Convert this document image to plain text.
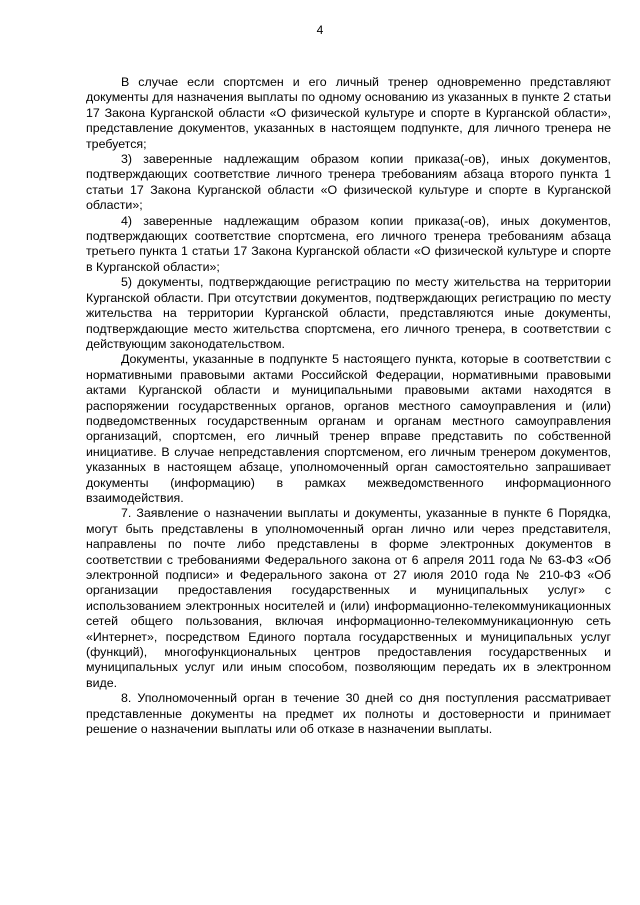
4

В случае если спортсмен и его личный тренер одновременно представляют документы для назначения выплаты по одному основанию из указанных в пункте 2 статьи 17 Закона Курганской области «О физической культуре и спорте в Курганской области», представление документов, указанных в настоящем подпункте, для личного тренера не требуется;

3) заверенные надлежащим образом копии приказа(-ов), иных документов, подтверждающих соответствие личного тренера требованиям абзаца второго пункта 1 статьи 17 Закона Курганской области «О физической культуре и спорте в Курганской области»;

4) заверенные надлежащим образом копии приказа(-ов), иных документов, подтверждающих соответствие спортсмена, его личного тренера требованиям абзаца третьего пункта 1 статьи 17 Закона Курганской области «О физической культуре и спорте в Курганской области»;

5) документы, подтверждающие регистрацию по месту жительства на территории Курганской области. При отсутствии документов, подтверждающих регистрацию по месту жительства на территории Курганской области, представляются иные документы, подтверждающие место жительства спортсмена, его личного тренера, в соответствии с действующим законодательством.

Документы, указанные в подпункте 5 настоящего пункта, которые в соответствии с нормативными правовыми актами Российской Федерации, нормативными правовыми актами Курганской области и муниципальными правовыми актами находятся в распоряжении государственных органов, органов местного самоуправления и (или) подведомственных государственным органам и органам местного самоуправления организаций, спортсмен, его личный тренер вправе представить по собственной инициативе. В случае непредставления спортсменом, его личным тренером документов, указанных в настоящем абзаце, уполномоченный орган самостоятельно запрашивает документы (информацию) в рамках межведомственного информационного взаимодействия.

7. Заявление о назначении выплаты и документы, указанные в пункте 6 Порядка, могут быть представлены в уполномоченный орган лично или через представителя, направлены по почте либо представлены в форме электронных документов в соответствии с требованиями Федерального закона от 6 апреля 2011 года № 63-ФЗ «Об электронной подписи» и Федерального закона от 27 июля 2010 года № 210-ФЗ «Об организации предоставления государственных и муниципальных услуг» с использованием электронных носителей и (или) информационно-телекоммуникационных сетей общего пользования, включая информационно-телекоммуникационную сеть «Интернет», посредством Единого портала государственных и муниципальных услуг (функций), многофункциональных центров предоставления государственных и муниципальных услуг или иным способом, позволяющим передать их в электронном виде.

8. Уполномоченный орган в течение 30 дней со дня поступления рассматривает представленные документы на предмет их полноты и достоверности и принимает решение о назначении выплаты или об отказе в назначении выплаты.
